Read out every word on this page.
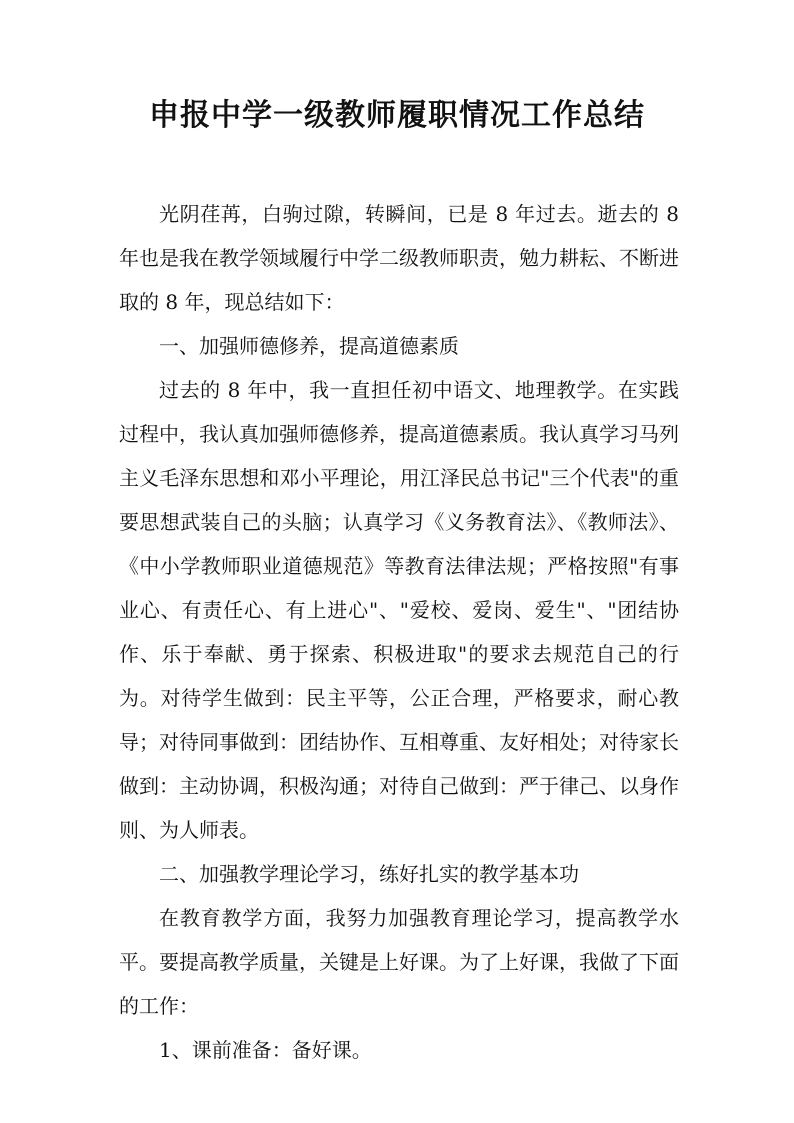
申报中学一级教师履职情况工作总结

光阴荏苒，白驹过隙，转瞬间，已是 8 年过去。逝去的 8 年也是我在教学领域履行中学二级教师职责，勉力耕耘、不断进取的 8 年，现总结如下：

一、加强师德修养，提高道德素质

过去的 8 年中，我一直担任初中语文、地理教学。在实践过程中，我认真加强师德修养，提高道德素质。我认真学习马列主义毛泽东思想和邓小平理论，用江泽民总书记"三个代表"的重要思想武装自己的头脑；认真学习《义务教育法》、《教师法》、《中小学教师职业道德规范》等教育法律法规；严格按照"有事业心、有责任心、有上进心"、"爱校、爱岗、爱生"、"团结协作、乐于奉献、勇于探索、积极进取"的要求去规范自己的行为。对待学生做到：民主平等，公正合理，严格要求，耐心教导；对待同事做到：团结协作、互相尊重、友好相处；对待家长做到：主动协调，积极沟通；对待自己做到：严于律己、以身作则、为人师表。

二、加强教学理论学习，练好扎实的教学基本功

在教育教学方面，我努力加强教育理论学习，提高教学水平。要提高教学质量，关键是上好课。为了上好课，我做了下面的工作：

1、课前准备：备好课。
